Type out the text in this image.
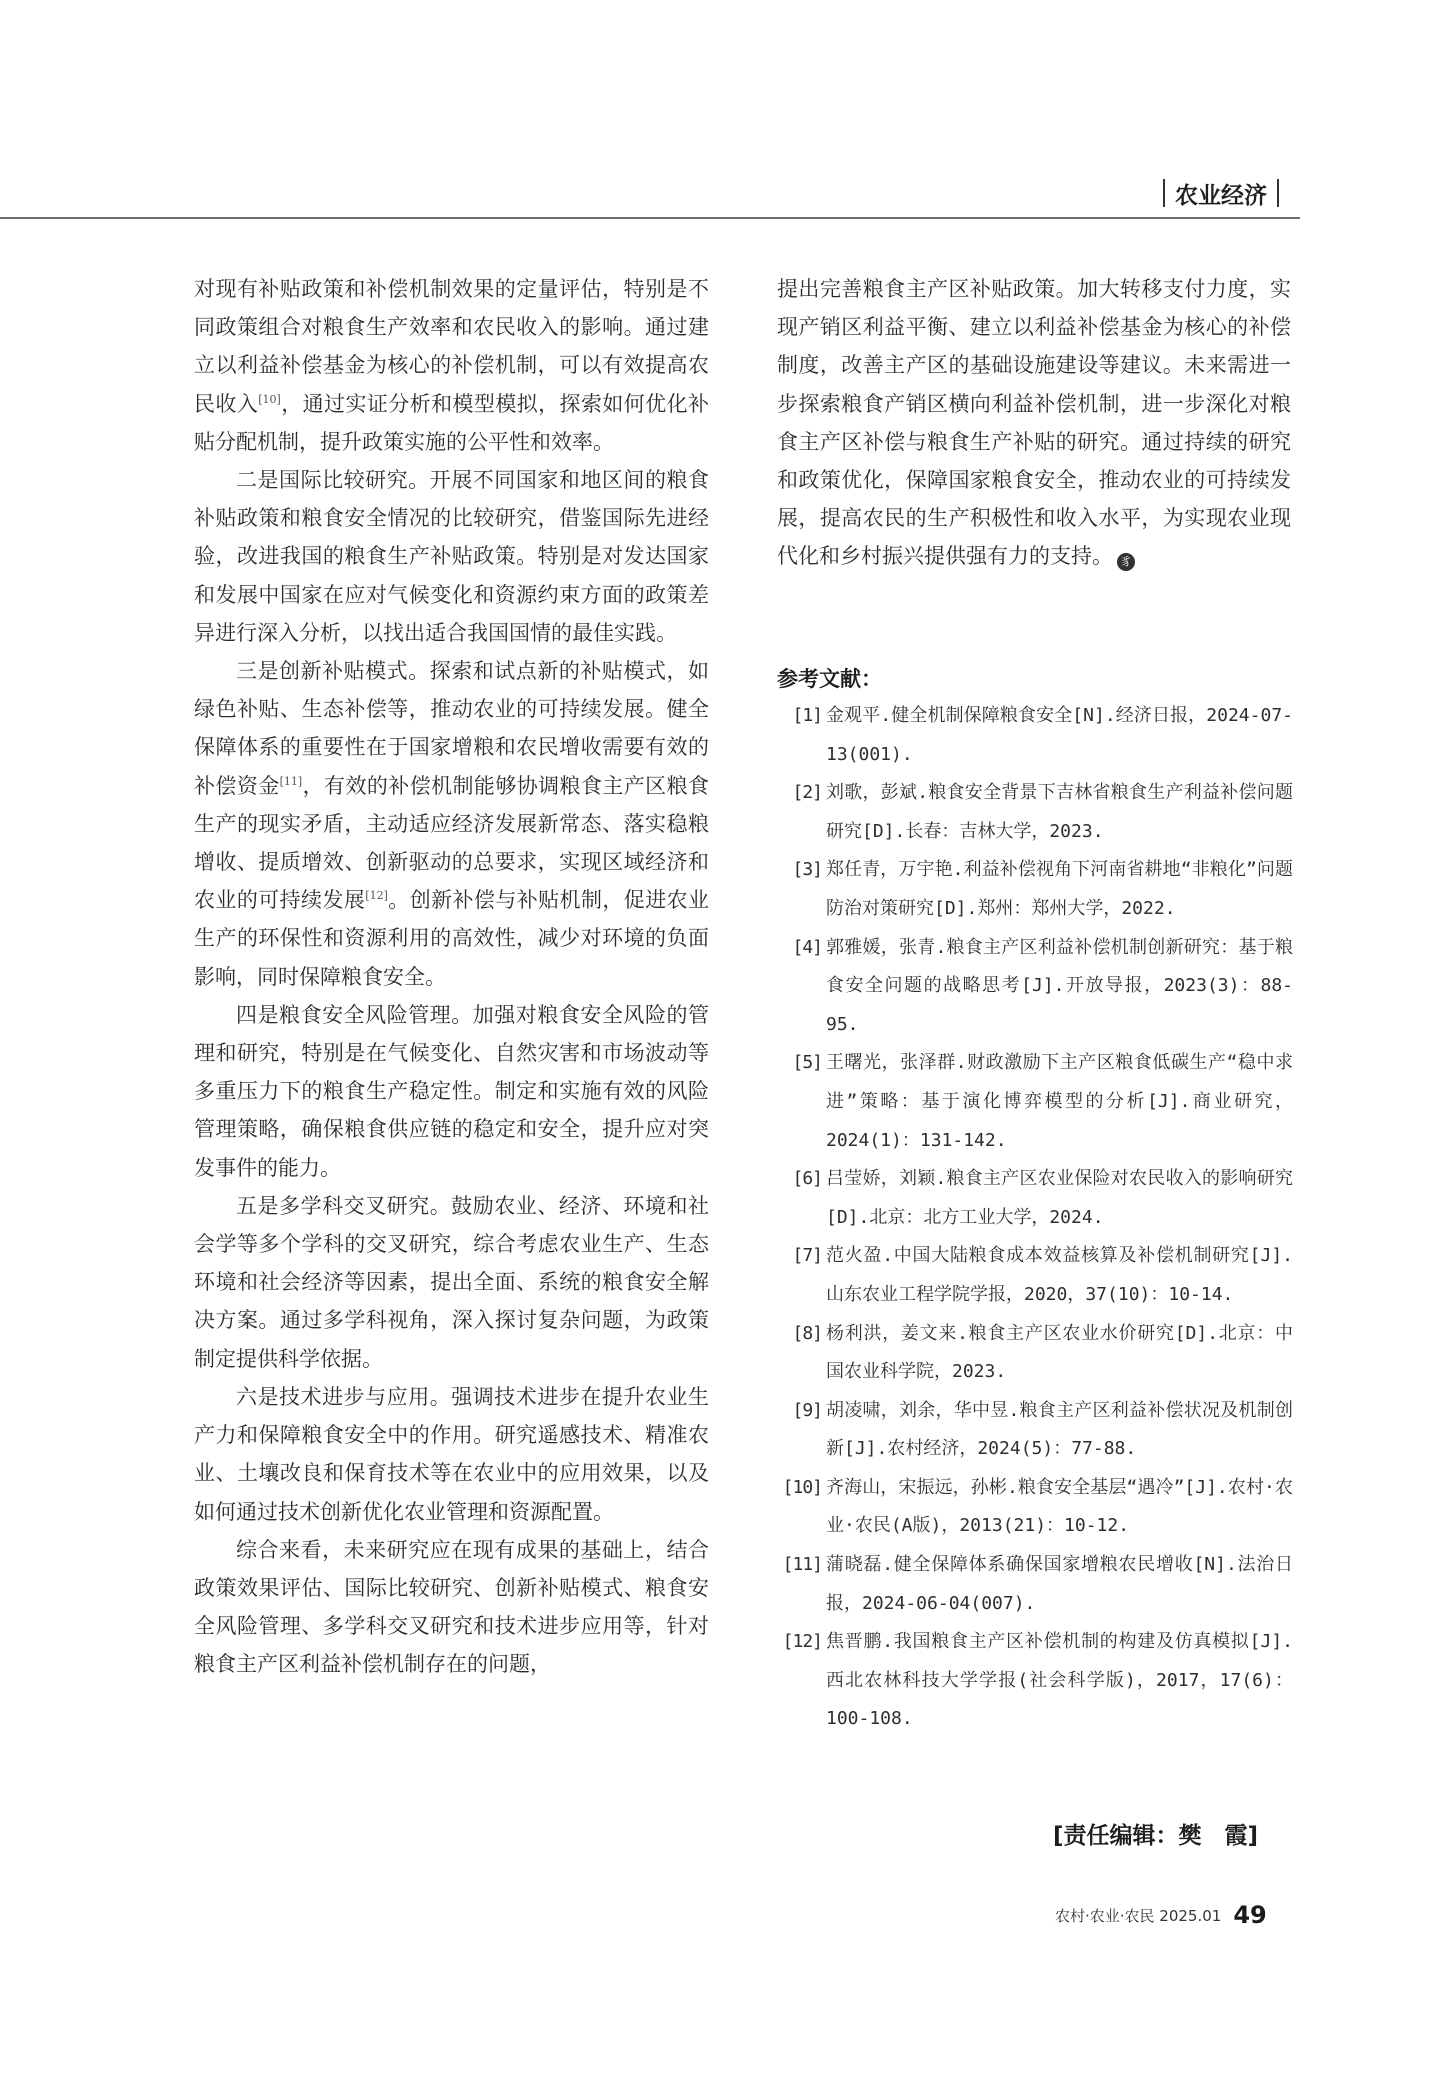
农业经济

对现有补贴政策和补偿机制效果的定量评估，特别是不同政策组合对粮食生产效率和农民收入的影响。通过建立以利益补偿基金为核心的补偿机制，可以有效提高农民收入[10]，通过实证分析和模型模拟，探索如何优化补贴分配机制，提升政策实施的公平性和效率。

二是国际比较研究。开展不同国家和地区间的粮食补贴政策和粮食安全情况的比较研究，借鉴国际先进经验，改进我国的粮食生产补贴政策。特别是对发达国家和发展中国家在应对气候变化和资源约束方面的政策差异进行深入分析，以找出适合我国国情的最佳实践。

三是创新补贴模式。探索和试点新的补贴模式，如绿色补贴、生态补偿等，推动农业的可持续发展。健全保障体系的重要性在于国家增粮和农民增收需要有效的补偿资金[11]，有效的补偿机制能够协调粮食主产区粮食生产的现实矛盾，主动适应经济发展新常态、落实稳粮增收、提质增效、创新驱动的总要求，实现区域经济和农业的可持续发展[12]。创新补偿与补贴机制，促进农业生产的环保性和资源利用的高效性，减少对环境的负面影响，同时保障粮食安全。

四是粮食安全风险管理。加强对粮食安全风险的管理和研究，特别是在气候变化、自然灾害和市场波动等多重压力下的粮食生产稳定性。制定和实施有效的风险管理策略，确保粮食供应链的稳定和安全，提升应对突发事件的能力。

五是多学科交叉研究。鼓励农业、经济、环境和社会学等多个学科的交叉研究，综合考虑农业生产、生态环境和社会经济等因素，提出全面、系统的粮食安全解决方案。通过多学科视角，深入探讨复杂问题，为政策制定提供科学依据。

六是技术进步与应用。强调技术进步在提升农业生产力和保障粮食安全中的作用。研究遥感技术、精准农业、土壤改良和保育技术等在农业中的应用效果，以及如何通过技术创新优化农业管理和资源配置。

综合来看，未来研究应在现有成果的基础上，结合政策效果评估、国际比较研究、创新补贴模式、粮食安全风险管理、多学科交叉研究和技术进步应用等，针对粮食主产区利益补偿机制存在的问题，

提出完善粮食主产区补贴政策。加大转移支付力度，实现产销区利益平衡、建立以利益补偿基金为核心的补偿制度，改善主产区的基础设施建设等建议。未来需进一步探索粮食产销区横向利益补偿机制，进一步深化对粮食主产区补偿与粮食生产补贴的研究。通过持续的研究和政策优化，保障国家粮食安全，推动农业的可持续发展，提高农民的生产积极性和收入水平，为实现农业现代化和乡村振兴提供强有力的支持。 豸

参考文献：
[1] 金观平.健全机制保障粮食安全[N].经济日报，2024-07-13(001).
[2] 刘歌，彭斌.粮食安全背景下吉林省粮食生产利益补偿问题研究[D].长春：吉林大学，2023.
[3] 郑任青，万宇艳.利益补偿视角下河南省耕地“非粮化”问题防治对策研究[D].郑州：郑州大学，2022.
[4] 郭雅媛，张青.粮食主产区利益补偿机制创新研究：基于粮食安全问题的战略思考[J].开放导报，2023(3)：88-95.
[5] 王曙光，张泽群.财政激励下主产区粮食低碳生产“稳中求进”策略：基于演化博弈模型的分析[J].商业研究，2024(1)：131-142.
[6] 吕莹娇，刘颖.粮食主产区农业保险对农民收入的影响研究[D].北京：北方工业大学，2024.
[7] 范火盈.中国大陆粮食成本效益核算及补偿机制研究[J].山东农业工程学院学报，2020，37(10)：10-14.
[8] 杨利洪，姜文来.粮食主产区农业水价研究[D].北京：中国农业科学院，2023.
[9] 胡凌啸，刘余，华中昱.粮食主产区利益补偿状况及机制创新[J].农村经济，2024(5)：77-88.
[10] 齐海山，宋振远，孙彬.粮食安全基层“遇冷”[J].农村·农业·农民(A版)，2013(21)：10-12.
[11] 蒲晓磊.健全保障体系确保国家增粮农民增收[N].法治日报，2024-06-04(007).
[12] 焦晋鹏.我国粮食主产区补偿机制的构建及仿真模拟[J].西北农林科技大学学报(社会科学版)，2017，17(6)：100-108.
[责任编辑：樊　霞]
农村·农业·农民 2025.01 49
